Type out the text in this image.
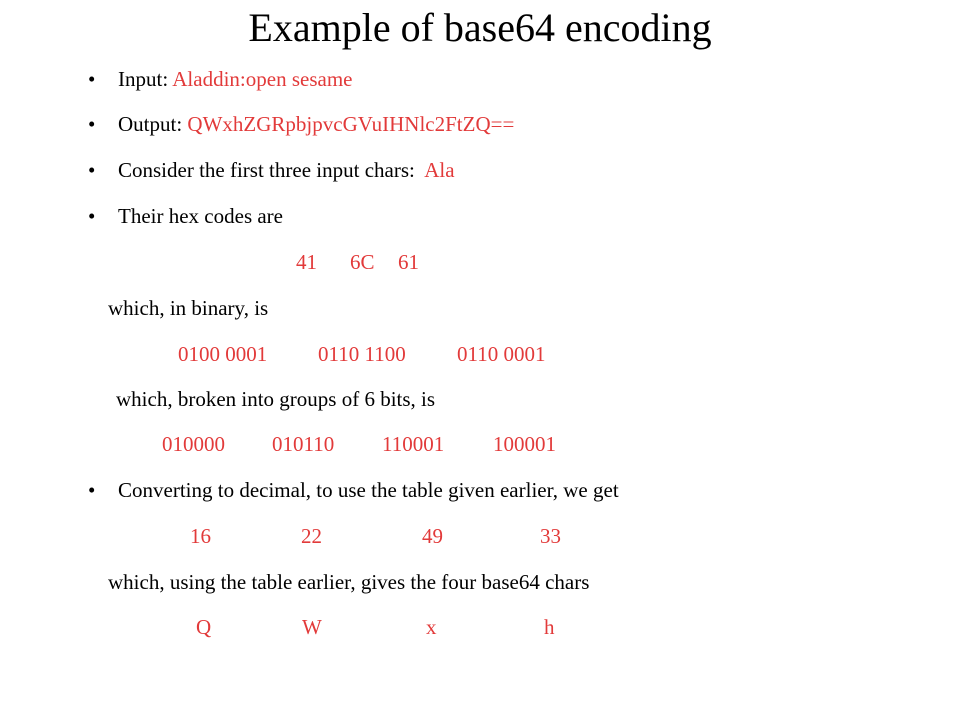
Example of base64 encoding
• Input: Aladdin:open sesame
• Output: QWxhZGRpbjpvcGVuIHNlc2FtZQ==
• Consider the first three input chars:  Ala
• Their hex codes are
41 6C 61
which, in binary, is
0100 0001 0110 1100 0110 0001
which, broken into groups of 6 bits, is
010000 010110 110001 100001
• Converting to decimal, to use the table given earlier, we get
16	22	49	33
which, using the table earlier, gives the four base64 chars
Q	W	x	h
